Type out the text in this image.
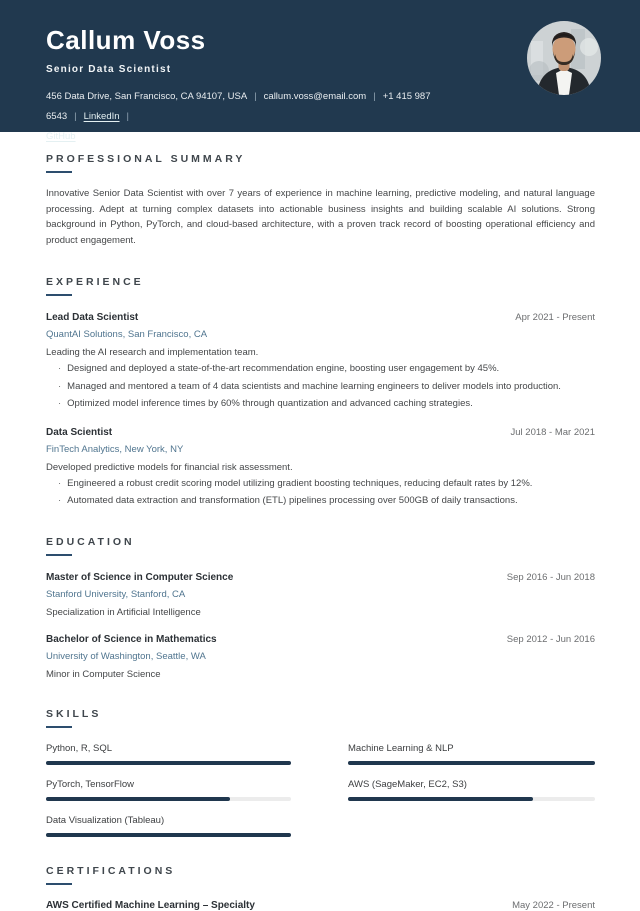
Callum Voss
Senior Data Scientist
456 Data Drive, San Francisco, CA 94107, USA | callum.voss@email.com | +1 415 987 6543 | LinkedIn |
GitHub
PROFESSIONAL SUMMARY

Innovative Senior Data Scientist with over 7 years of experience in machine learning, predictive modeling, and natural language processing. Adept at turning complex datasets into actionable business insights and building scalable AI solutions. Strong background in Python, PyTorch, and cloud-based architecture, with a proven track record of boosting operational efficiency and product engagement.

EXPERIENCE
Lead Data Scientist	Apr 2021 - Present
QuantAI Solutions, San Francisco, CA
Leading the AI research and implementation team.
· Designed and deployed a state-of-the-art recommendation engine, boosting user engagement by 45%.
· Managed and mentored a team of 4 data scientists and machine learning engineers to deliver models into production.
· Optimized model inference times by 60% through quantization and advanced caching strategies.
Data Scientist	Jul 2018 - Mar 2021
FinTech Analytics, New York, NY
Developed predictive models for financial risk assessment.
· Engineered a robust credit scoring model utilizing gradient boosting techniques, reducing default rates by 12%.
· Automated data extraction and transformation (ETL) pipelines processing over 500GB of daily transactions.
EDUCATION
Master of Science in Computer Science	Sep 2016 - Jun 2018
Stanford University, Stanford, CA
Specialization in Artificial Intelligence
Bachelor of Science in Mathematics	Sep 2012 - Jun 2016
University of Washington, Seattle, WA
Minor in Computer Science
SKILLS
Python, R, SQL	Machine Learning & NLP
PyTorch, TensorFlow	AWS (SageMaker, EC2, S3)
Data Visualization (Tableau)
CERTIFICATIONS
AWS Certified Machine Learning – Specialty	May 2022 - Present
